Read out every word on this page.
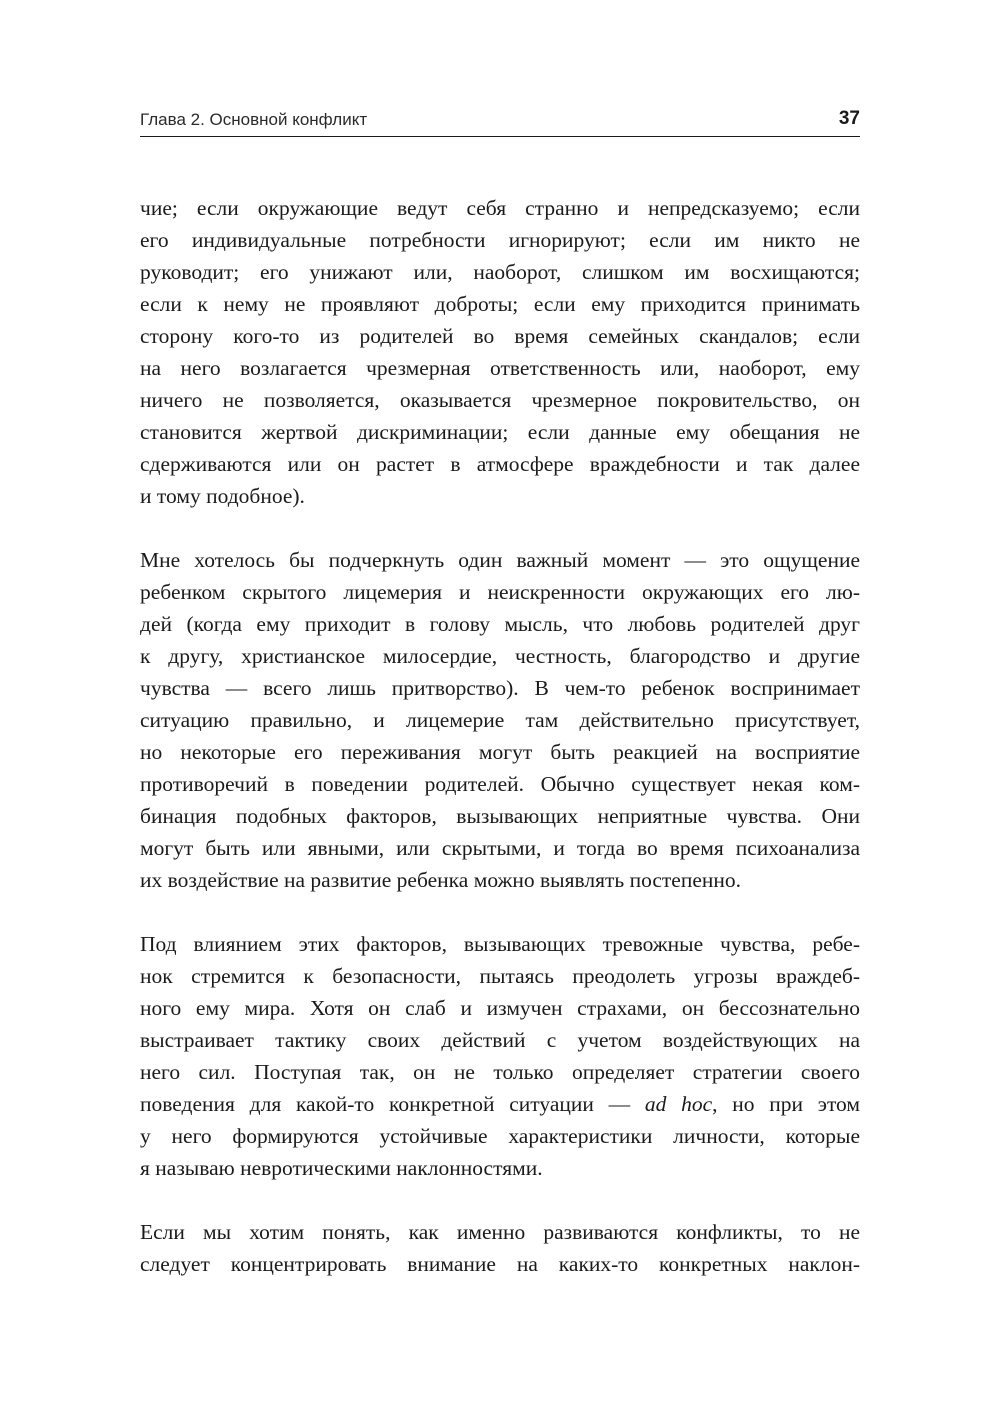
Глава 2. Основной конфликт	37
чие; если окружающие ведут себя странно и непредсказуемо; если
его индивидуальные потребности игнорируют; если им никто не
руководит; его унижают или, наоборот, слишком им восхищаются;
если к нему не проявляют доброты; если ему приходится принимать
сторону кого-то из родителей во время семейных скандалов; если
на него возлагается чрезмерная ответственность или, наоборот, ему
ничего не позволяется, оказывается чрезмерное покровительство, он
становится жертвой дискриминации; если данные ему обещания не
сдерживаются или он растет в атмосфере враждебности и так далее
и тому подобное).
Мне хотелось бы подчеркнуть один важный момент — это ощущение
ребенком скрытого лицемерия и неискренности окружающих его лю-
дей (когда ему приходит в голову мысль, что любовь родителей друг
к другу, христианское милосердие, честность, благородство и другие
чувства — всего лишь притворство). В чем-то ребенок воспринимает
ситуацию правильно, и лицемерие там действительно присутствует,
но некоторые его переживания могут быть реакцией на восприятие
противоречий в поведении родителей. Обычно существует некая ком-
бинация подобных факторов, вызывающих неприятные чувства. Они
могут быть или явными, или скрытыми, и тогда во время психоанализа
их воздействие на развитие ребенка можно выявлять постепенно.
Под влиянием этих факторов, вызывающих тревожные чувства, ребе-
нок стремится к безопасности, пытаясь преодолеть угрозы враждеб-
ного ему мира. Хотя он слаб и измучен страхами, он бессознательно
выстраивает тактику своих действий с учетом воздействующих на
него сил. Поступая так, он не только определяет стратегии своего
поведения для какой-то конкретной ситуации — ad hoc, но при этом
у него формируются устойчивые характеристики личности, которые
я называю невротическими наклонностями.
Если мы хотим понять, как именно развиваются конфликты, то не
следует концентрировать внимание на каких-то конкретных наклон-
